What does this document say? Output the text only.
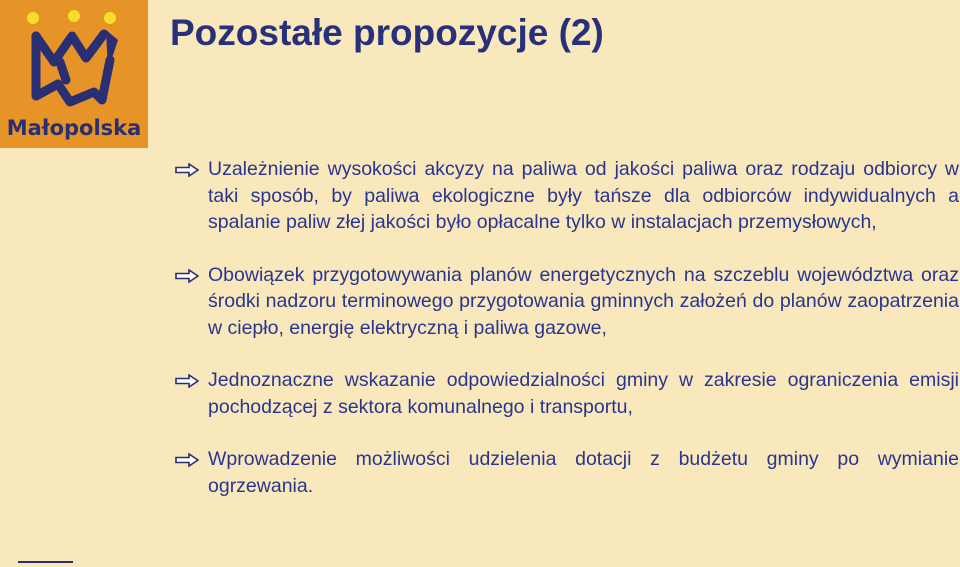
Małopolska
Pozostałe propozycje (2)
Uzależnienie wysokości akcyzy na paliwa od jakości paliwa oraz rodzaju odbiorcy w taki sposób, by paliwa ekologiczne były tańsze dla odbiorców indywidualnych a spalanie paliw złej jakości było opłacalne tylko w instalacjach przemysłowych,
Obowiązek przygotowywania planów energetycznych na szczeblu województwa oraz środki nadzoru terminowego przygotowania gminnych założeń do planów zaopatrzenia w ciepło, energię elektryczną i paliwa gazowe,
Jednoznaczne wskazanie odpowiedzialności gminy w zakresie ograniczenia emisji pochodzącej z sektora komunalnego i transportu,
Wprowadzenie możliwości udzielenia dotacji z budżetu gminy po wymianie ogrzewania.
